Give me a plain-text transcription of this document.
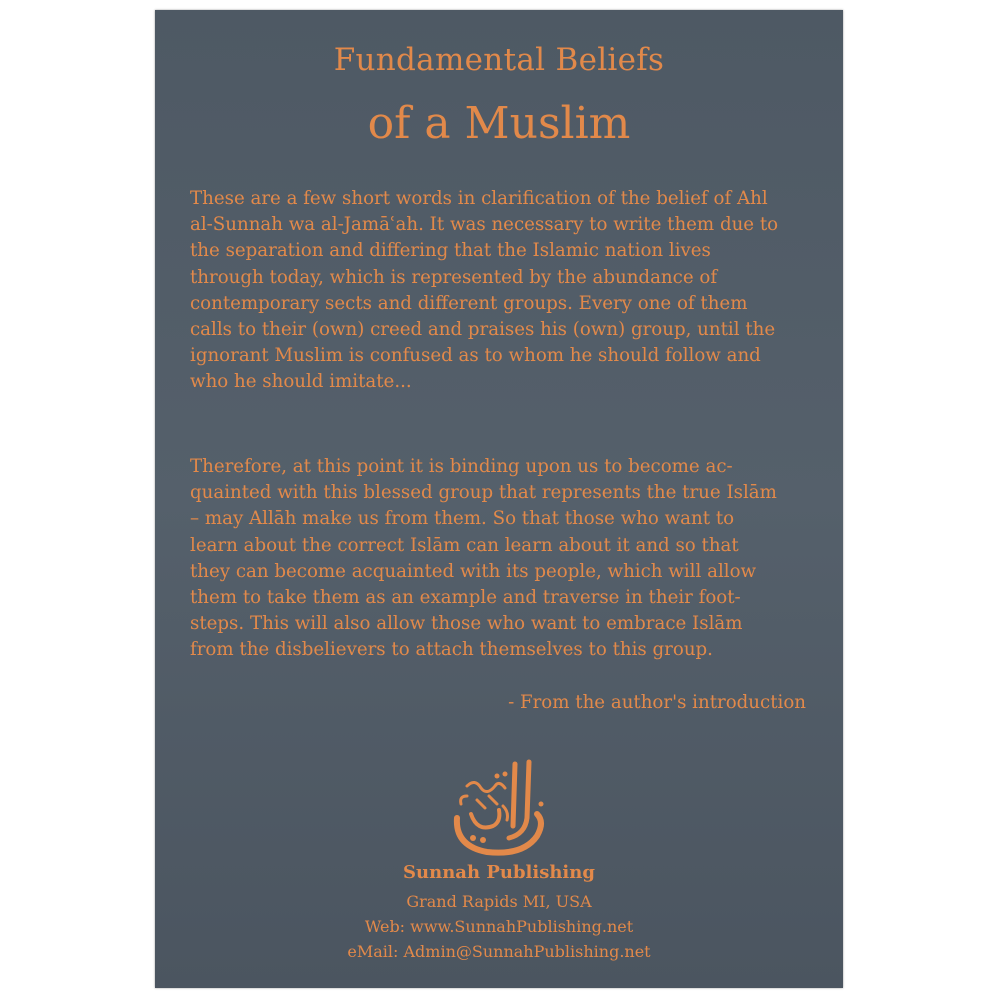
Fundamental Beliefs
of a Muslim
These are a few short words in clarification of the belief of Ahl
al-Sunnah wa al-Jamāʿah. It was necessary to write them due to
the separation and differing that the Islamic nation lives
through today, which is represented by the abundance of
contemporary sects and different groups. Every one of them
calls to their (own) creed and praises his (own) group, until the
ignorant Muslim is confused as to whom he should follow and
who he should imitate...
Therefore, at this point it is binding upon us to become ac-
quainted with this blessed group that represents the true Islām
– may Allāh make us from them. So that those who want to
learn about the correct Islām can learn about it and so that
they can become acquainted with its people, which will allow
them to take them as an example and traverse in their foot-
steps. This will also allow those who want to embrace Islām
from the disbelievers to attach themselves to this group.
- From the author's introduction
Sunnah Publishing
Grand Rapids MI, USA
Web: www.SunnahPublishing.net
eMail: Admin@SunnahPublishing.net
